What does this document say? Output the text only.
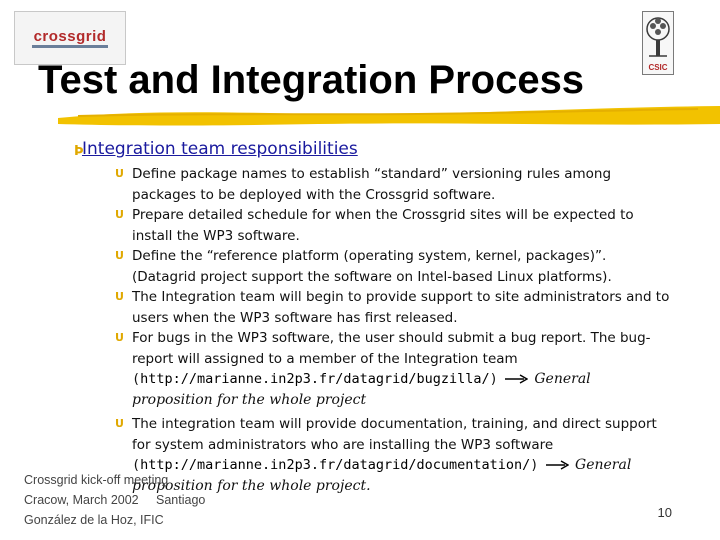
crossgrid
CSIC
Test and Integration Process
Þ
Integration team responsibilities
U Define package names to establish “standard” versioning rules among packages to be deployed with the Crossgrid software.
U Prepare detailed schedule for when the Crossgrid sites will be expected to install the WP3 software.
U Define the “reference platform (operating system, kernel, packages)”. (Datagrid project support the software on Intel-based Linux platforms).
U The Integration team will begin to provide support to site administrators and to users when the WP3 software has first released.
U For bugs in the WP3 software, the user should submit a bug report. The bug-report will assigned to a member of the Integration team (http://marianne.in2p3.fr/datagrid/bugzilla/)	General proposition for the whole project
U The integration team will provide documentation, training, and direct support for system administrators who are installing the WP3 software (http://marianne.in2p3.fr/datagrid/documentation/)	General proposition for the whole project.
Crossgrid kick-off meeting
Cracow, March 2002     Santiago
González de la Hoz, IFIC	10
